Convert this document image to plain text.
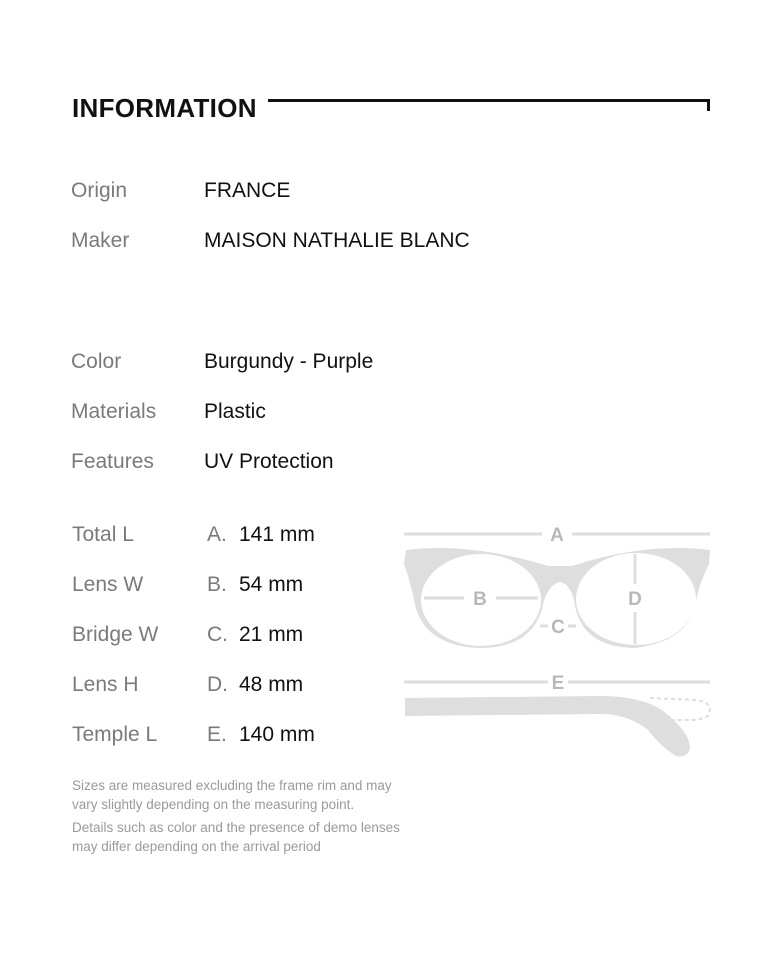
INFORMATION
Origin	FRANCE
Maker	MAISON NATHALIE BLANC
Color	Burgundy - Purple
Materials Plastic
Features UV Protection
Total L	A. 141 mm
Lens W	B. 54 mm
Bridge W C. 21 mm
Lens H	D. 48 mm
Temple L E. 140 mm
A
B
C
D
E
Sizes are measured excluding the frame rim and may vary slightly depending on the measuring point.
Details such as color and the presence of demo lenses may differ depending on the arrival period
